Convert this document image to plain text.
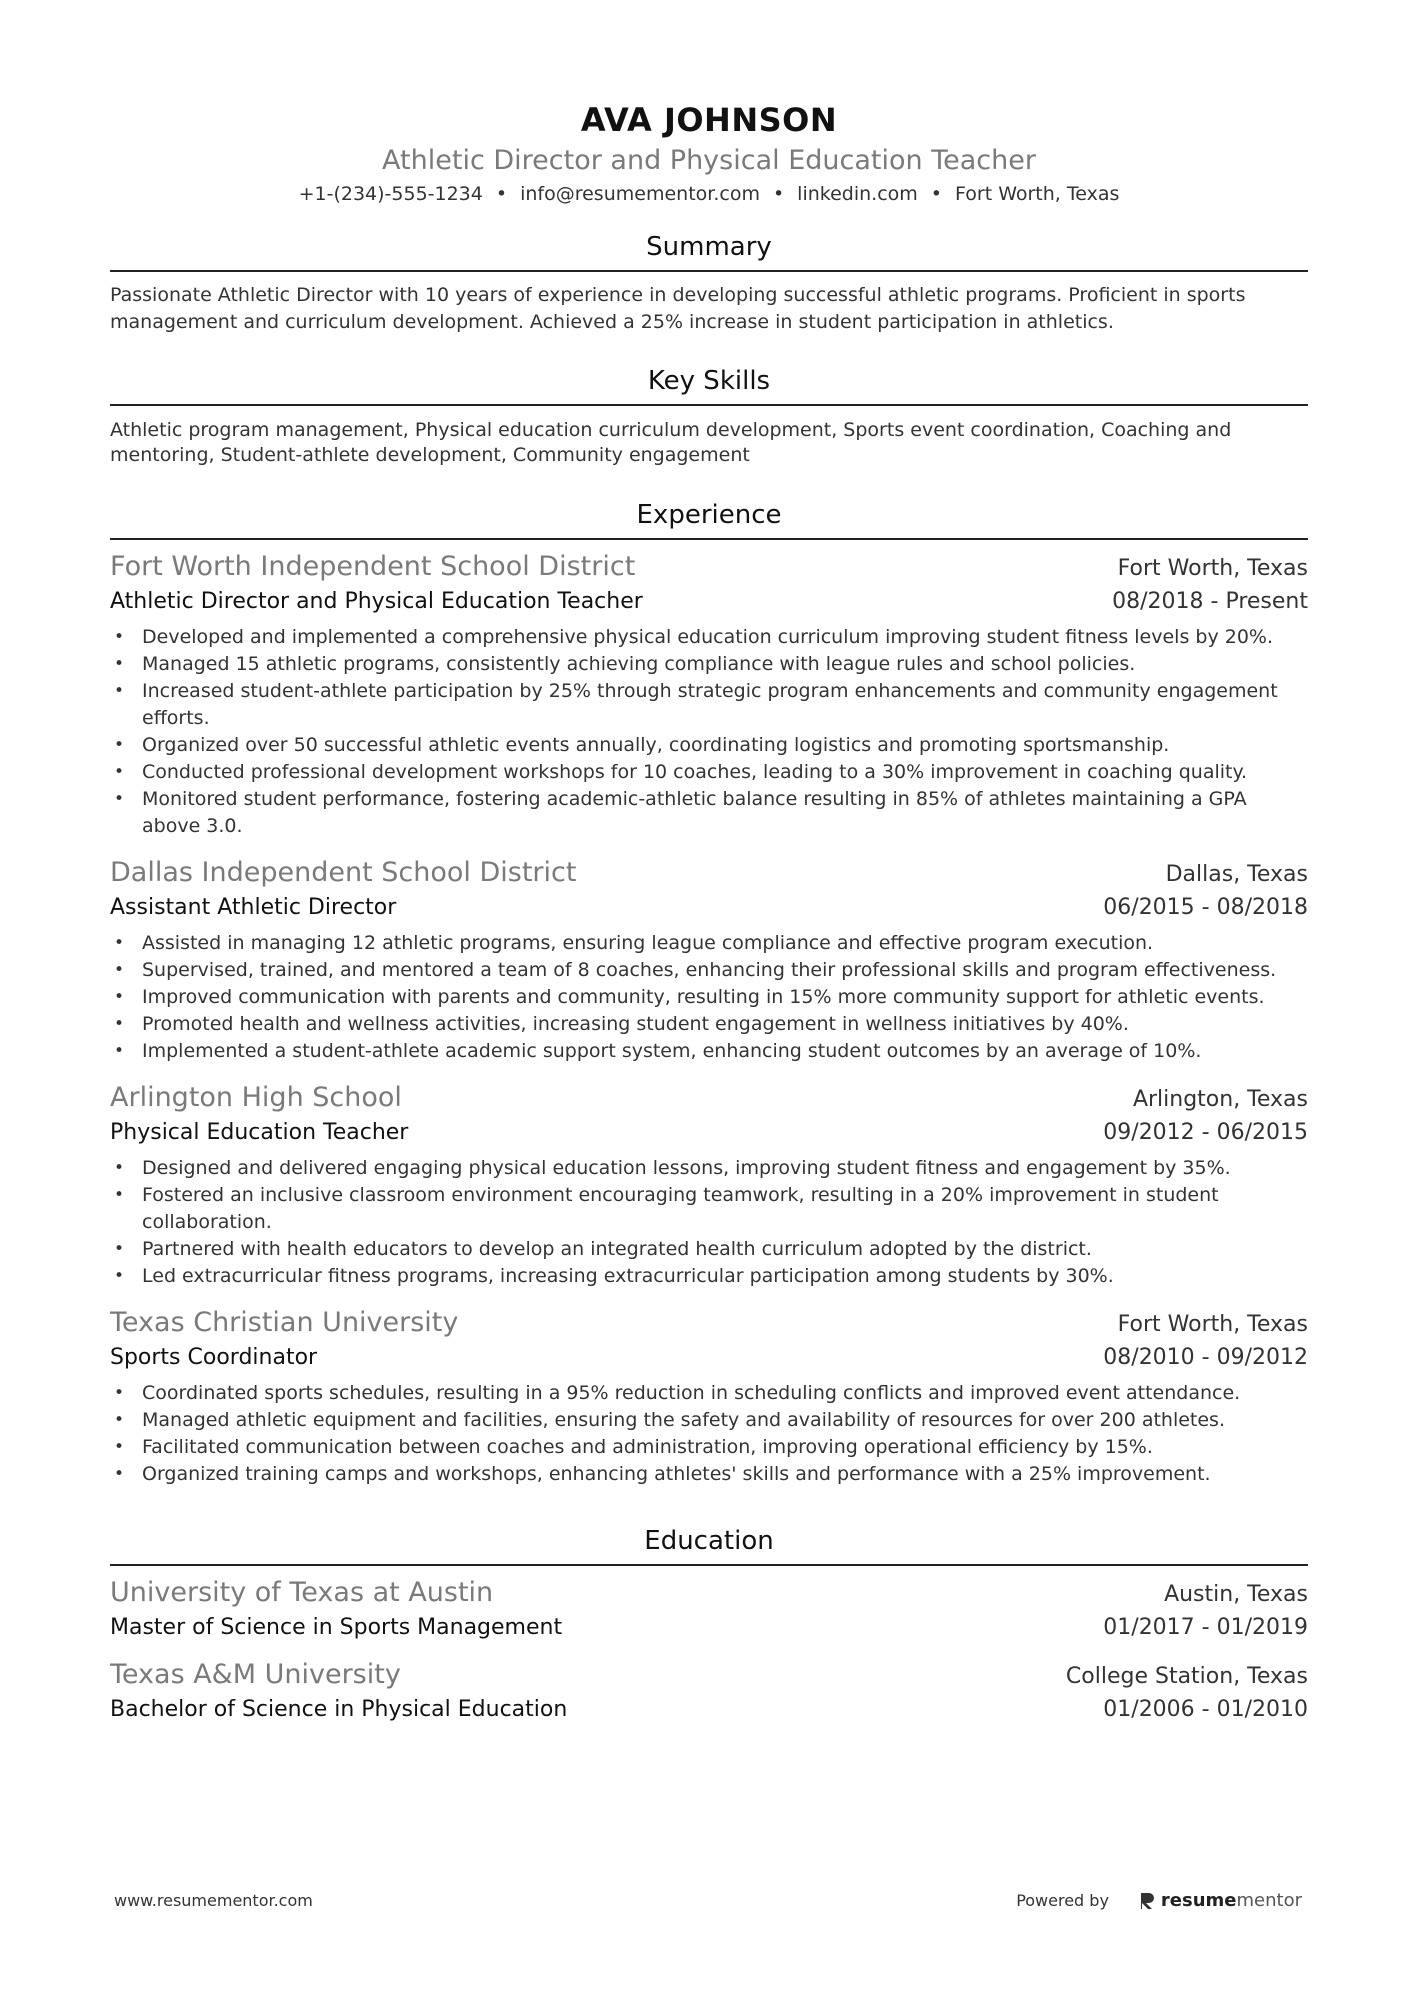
AVA JOHNSON
Athletic Director and Physical Education Teacher
+1-(234)-555-1234 • info@resumementor.com • linkedin.com • Fort Worth, Texas
Summary
Passionate Athletic Director with 10 years of experience in developing successful athletic programs. Proficient in sports management and curriculum development. Achieved a 25% increase in student participation in athletics.
Key Skills
Athletic program management, Physical education curriculum development, Sports event coordination, Coaching and mentoring, Student-athlete development, Community engagement
Experience
Fort Worth Independent School District	Fort Worth, Texas
Athletic Director and Physical Education Teacher	08/2018 - Present
• Developed and implemented a comprehensive physical education curriculum improving student fitness levels by 20%.
• Managed 15 athletic programs, consistently achieving compliance with league rules and school policies.
• Increased student-athlete participation by 25% through strategic program enhancements and community engagement efforts.
• Organized over 50 successful athletic events annually, coordinating logistics and promoting sportsmanship.
• Conducted professional development workshops for 10 coaches, leading to a 30% improvement in coaching quality.
• Monitored student performance, fostering academic-athletic balance resulting in 85% of athletes maintaining a GPA above 3.0.
Dallas Independent School District	Dallas, Texas
Assistant Athletic Director	06/2015 - 08/2018
• Assisted in managing 12 athletic programs, ensuring league compliance and effective program execution.
• Supervised, trained, and mentored a team of 8 coaches, enhancing their professional skills and program effectiveness.
• Improved communication with parents and community, resulting in 15% more community support for athletic events.
• Promoted health and wellness activities, increasing student engagement in wellness initiatives by 40%.
• Implemented a student-athlete academic support system, enhancing student outcomes by an average of 10%.
Arlington High School	Arlington, Texas
Physical Education Teacher	09/2012 - 06/2015
• Designed and delivered engaging physical education lessons, improving student fitness and engagement by 35%.
• Fostered an inclusive classroom environment encouraging teamwork, resulting in a 20% improvement in student collaboration.
• Partnered with health educators to develop an integrated health curriculum adopted by the district.
• Led extracurricular fitness programs, increasing extracurricular participation among students by 30%.
Texas Christian University	Fort Worth, Texas
Sports Coordinator	08/2010 - 09/2012
• Coordinated sports schedules, resulting in a 95% reduction in scheduling conflicts and improved event attendance.
• Managed athletic equipment and facilities, ensuring the safety and availability of resources for over 200 athletes.
• Facilitated communication between coaches and administration, improving operational efficiency by 15%.
• Organized training camps and workshops, enhancing athletes' skills and performance with a 25% improvement.
Education
University of Texas at Austin	Austin, Texas
Master of Science in Sports Management	01/2017 - 01/2019
Texas A&M University	College Station, Texas
Bachelor of Science in Physical Education	01/2006 - 01/2010
www.resumementor.com	Powered by	resume mentor
